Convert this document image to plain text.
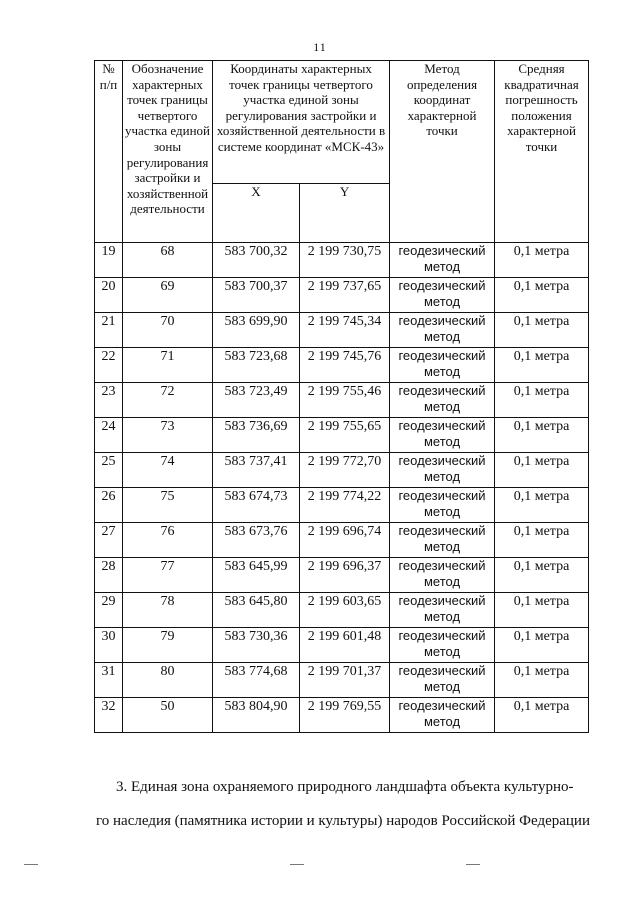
11
№ п/п	Обозначение характерных точек границы четвертого участка единой зоны регулирования застройки и хозяйственной деятельности	Координаты характерных точек границы четвертого участка единой зоны регулирования застройки и хозяйственной деятельности в системе координат «МСК-43»		Метод определения координат характерной точки	Средняя квадратичная погрешность положения характерной точки
		X	Y		
19	68	583 700,32	2 199 730,75	геодезический метод	0,1 метра
20	69	583 700,37	2 199 737,65	геодезический метод	0,1 метра
21	70	583 699,90	2 199 745,34	геодезический метод	0,1 метра
22	71	583 723,68	2 199 745,76	геодезический метод	0,1 метра
23	72	583 723,49	2 199 755,46	геодезический метод	0,1 метра
24	73	583 736,69	2 199 755,65	геодезический метод	0,1 метра
25	74	583 737,41	2 199 772,70	геодезический метод	0,1 метра
26	75	583 674,73	2 199 774,22	геодезический метод	0,1 метра
27	76	583 673,76	2 199 696,74	геодезический метод	0,1 метра
28	77	583 645,99	2 199 696,37	геодезический метод	0,1 метра
29	78	583 645,80	2 199 603,65	геодезический метод	0,1 метра
30	79	583 730,36	2 199 601,48	геодезический метод	0,1 метра
31	80	583 774,68	2 199 701,37	геодезический метод	0,1 метра
32	50	583 804,90	2 199 769,55	геодезический метод	0,1 метра
3. Единая зона охраняемого природного ландшафта объекта культурно-
го наследия (памятника истории и культуры) народов Российской Федерации
